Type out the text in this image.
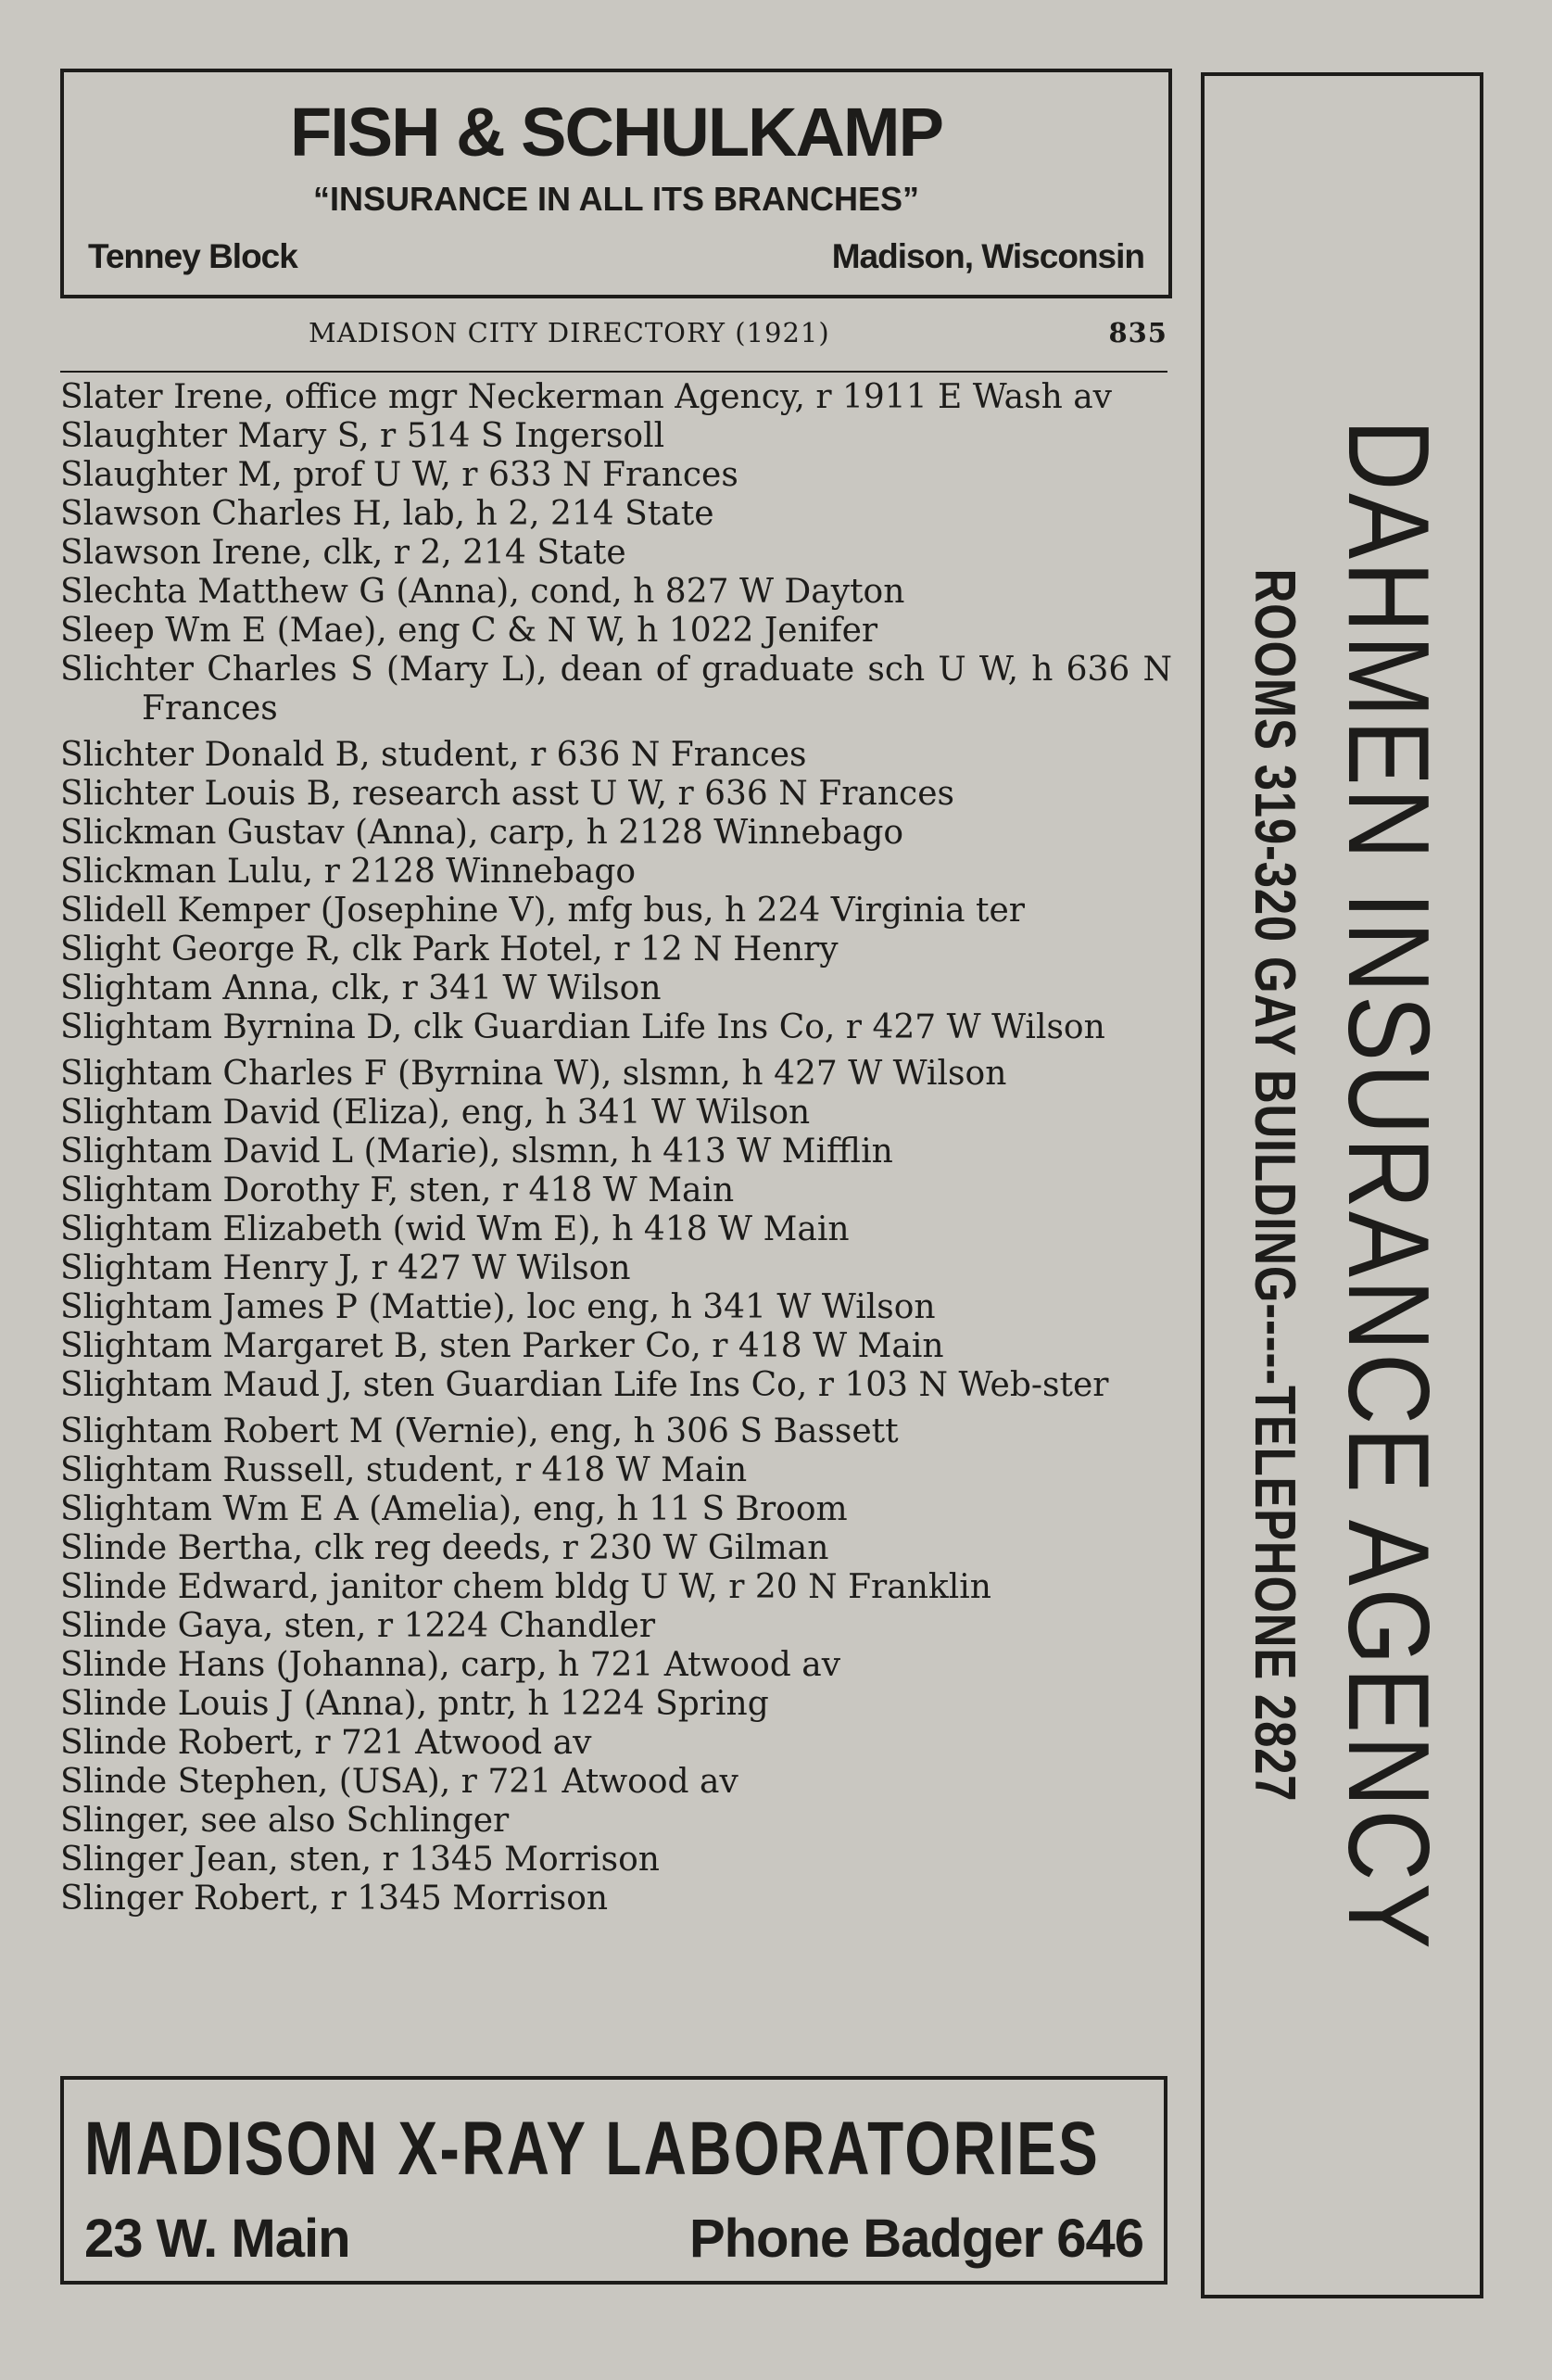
FISH & SCHULKAMP
“INSURANCE IN ALL ITS BRANCHES”
Tenney Block	Madison, Wisconsin
MADISON CITY DIRECTORY (1921)	835
Slater Irene, office mgr Neckerman Agency, r 1911 E Wash av
Slaughter Mary S, r 514 S Ingersoll
Slaughter M, prof U W, r 633 N Frances
Slawson Charles H, lab, h 2, 214 State
Slawson Irene, clk, r 2, 214 State
Slechta Matthew G (Anna), cond, h 827 W Dayton
Sleep Wm E (Mae), eng C & N W, h 1022 Jenifer
Slichter Charles S (Mary L), dean of graduate sch U W, h 636 N Frances
Slichter Donald B, student, r 636 N Frances
Slichter Louis B, research asst U W, r 636 N Frances
Slickman Gustav (Anna), carp, h 2128 Winnebago
Slickman Lulu, r 2128 Winnebago
Slidell Kemper (Josephine V), mfg bus, h 224 Virginia ter
Slight George R, clk Park Hotel, r 12 N Henry
Slightam Anna, clk, r 341 W Wilson
Slightam Byrnina D, clk Guardian Life Ins Co, r 427 W Wilson
Slightam Charles F (Byrnina W), slsmn, h 427 W Wilson
Slightam David (Eliza), eng, h 341 W Wilson
Slightam David L (Marie), slsmn, h 413 W Mifflin
Slightam Dorothy F, sten, r 418 W Main
Slightam Elizabeth (wid Wm E), h 418 W Main
Slightam Henry J, r 427 W Wilson
Slightam James P (Mattie), loc eng, h 341 W Wilson
Slightam Margaret B, sten Parker Co, r 418 W Main
Slightam Maud J, sten Guardian Life Ins Co, r 103 N Web-ster
Slightam Robert M (Vernie), eng, h 306 S Bassett
Slightam Russell, student, r 418 W Main
Slightam Wm E A (Amelia), eng, h 11 S Broom
Slinde Bertha, clk reg deeds, r 230 W Gilman
Slinde Edward, janitor chem bldg U W, r 20 N Franklin
Slinde Gaya, sten, r 1224 Chandler
Slinde Hans (Johanna), carp, h 721 Atwood av
Slinde Louis J (Anna), pntr, h 1224 Spring
Slinde Robert, r 721 Atwood av
Slinde Stephen, (USA), r 721 Atwood av
Slinger, see also Schlinger
Slinger Jean, sten, r 1345 Morrison
Slinger Robert, r 1345 Morrison
MADISON X-RAY LABORATORIES
23 W. Main	Phone Badger 646
DAHMEN INSURANCE AGENCY
ROOMS 319-320 GAY BUILDING-----TELEPHONE 2827
